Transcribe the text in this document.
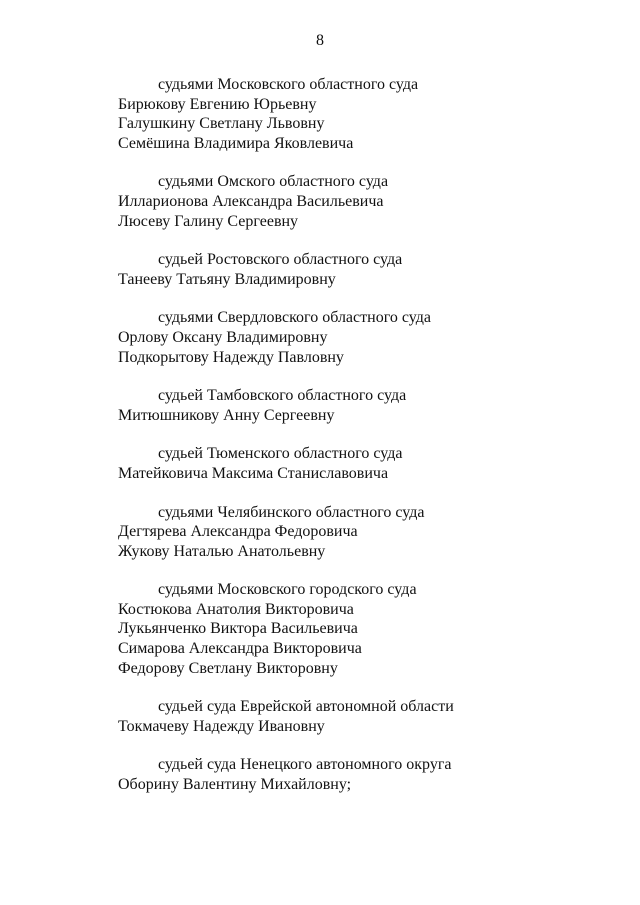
8
судьями Московского областного суда
Бирюкову Евгению Юрьевну
Галушкину Светлану Львовну
Семёшина Владимира Яковлевича
судьями Омского областного суда
Илларионова Александра Васильевича
Люсеву Галину Сергеевну
судьей Ростовского областного суда
Танееву Татьяну Владимировну
судьями Свердловского областного суда
Орлову Оксану Владимировну
Подкорытову Надежду Павловну
судьей Тамбовского областного суда
Митюшникову Анну Сергеевну
судьей Тюменского областного суда
Матейковича Максима Станиславовича
судьями Челябинского областного суда
Дегтярева Александра Федоровича
Жукову Наталью Анатольевну
судьями Московского городского суда
Костюкова Анатолия Викторовича
Лукьянченко Виктора Васильевича
Симарова Александра Викторовича
Федорову Светлану Викторовну
судьей суда Еврейской автономной области
Токмачеву Надежду Ивановну
судьей суда Ненецкого автономного округа
Оборину Валентину Михайловну;
